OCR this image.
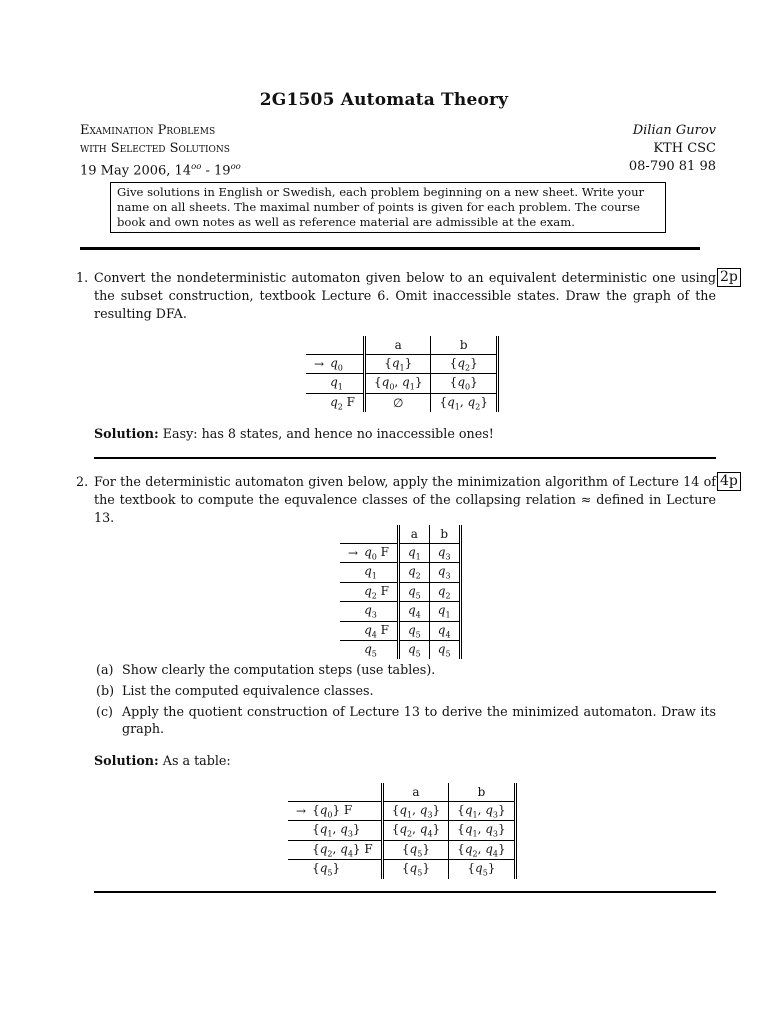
2G1505 Automata Theory
Examination Problems
with Selected Solutions
19 May 2006, $14^{oo} - 19^{oo}$
Dilian Gurov
KTH CSC
08-790 81 98
Give solutions in English or Swedish, each problem beginning on a new sheet. Write your name on all sheets. The maximal number of points is given for each problem. The course book and own notes as well as reference material are admissible at the exam.
1. Convert the nondeterministic automaton given below to an equivalent deterministic one using the subset construction, textbook Lecture 6. Omit inaccessible states. Draw the graph of the resulting DFA.
2p
		a	b
→	$q_0$	$\{q_1\}$	$\{q_2\}$
	$q_1$	{$q_0$, $q_1$}	$\{q_0\}$
	$q_2$ F	∅	{$q_1$, $q_2$}
Solution: Easy: has 8 states, and hence no inaccessible ones!
2. For the deterministic automaton given below, apply the minimization algorithm of Lecture 14 of the textbook to compute the equvalence classes of the collapsing relation ≈ defined in Lecture 13.
4p
		a	b
→	$q_0$ F	$q_1$	$q_3$
	$q_1$	$q_2$	$q_3$
	$q_2$ F	$q_5$	$q_2$
	$q_3$	$q_4$	$q_1$
	$q_4$ F	$q_5$	$q_4$
	$q_5$	$q_5$	$q_5$
(a) Show clearly the computation steps (use tables).
(b) List the computed equivalence classes.
(c) Apply the quotient construction of Lecture 13 to derive the minimized automaton. Draw its graph.
Solution: As a table:
		a	b
→	$\{q_0\}$ F	{$q_1$, $q_3$}	{$q_1$, $q_3$}
	{$q_1$, $q_3$}	{$q_2$, $q_4$}	{$q_1$, $q_3$}
	{$q_2$, $q_4$} F	$\{q_5\}$	{$q_2$, $q_4$}
	$\{q_5\}$	$\{q_5\}$	$\{q_5\}$
